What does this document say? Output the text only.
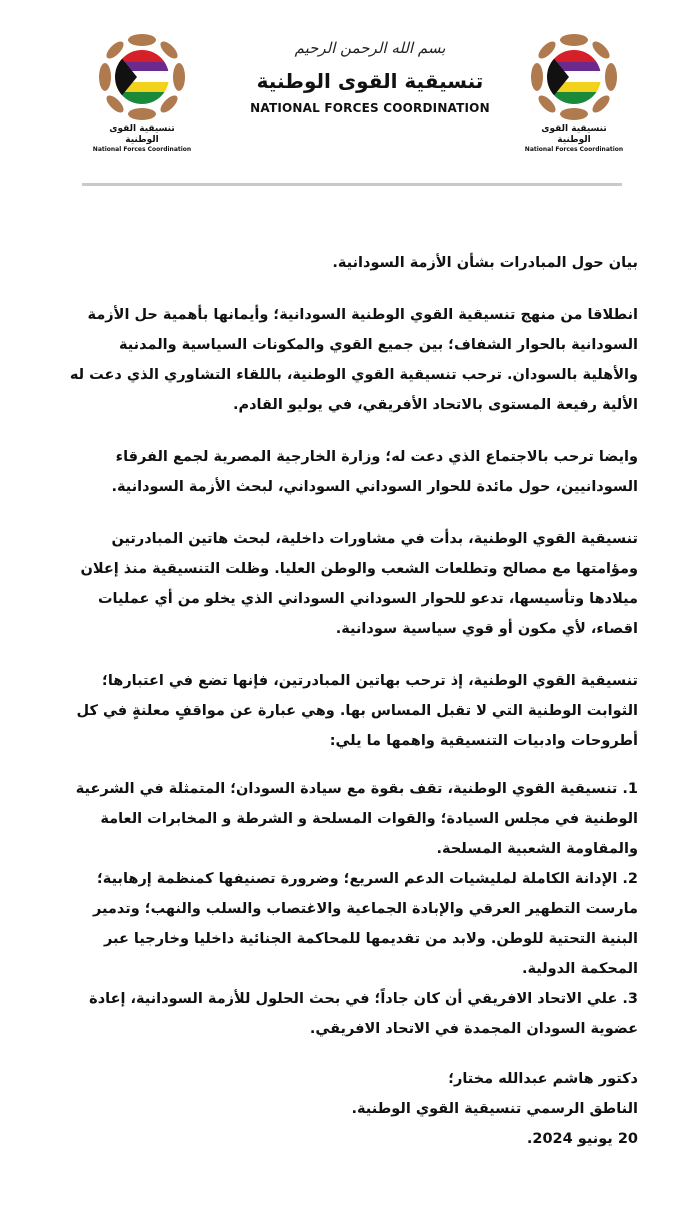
تنسيقية القوى الوطنية
National Forces Coordination
تنسيقية القوى الوطنية
National Forces Coordination
بسم الله الرحمن الرحيم
تنسيقية القوى الوطنية
NATIONAL FORCES COORDINATION

بيان حول المبادرات بشأن الأزمة السودانية.

انطلاقا من منهج تنسيقية القوي الوطنية السودانية؛ وأيمانها بأهمية حل الأزمة السودانية بالحوار الشفاف؛ بين جميع القوي والمكونات السياسية والمدنية والأهلية بالسودان. ترحب تنسيقية القوي الوطنية، باللقاء التشاوري الذي دعت له الألية رفيعة المستوى بالاتحاد الأفريقي، في يوليو القادم.

وايضا ترحب بالاجتماع الذي دعت له؛ وزارة الخارجية المصرية لجمع الفرقاء السودانيين، حول مائدة للحوار السوداني السوداني، لبحث الأزمة السودانية.

تنسيقية القوي الوطنية، بدأت في مشاورات داخلية، لبحث هاتين المبادرتين ومؤامتها مع مصالح وتطلعات الشعب والوطن العليا. وظلت التنسيقية منذ إعلان ميلادها وتأسيسها، تدعو للحوار السوداني السوداني الذي يخلو من أي عمليات اقصاء، لأي مكون أو قوي سياسية سودانية.

تنسيقية القوي الوطنية، إذ ترحب بهاتين المبادرتين، فإنها تضع في اعتبارها؛ الثوابت الوطنية التي لا تقبل المساس بها. وهي عبارة عن مواقفٍ معلنةٍ في كل أطروحات وادبيات التنسيقية واهمها ما يلي:

1. تنسيقية القوي الوطنية، تقف بقوة مع سيادة السودان؛ المتمثلة في الشرعية الوطنية في مجلس السيادة؛ والقوات المسلحة و الشرطة و المخابرات العامة والمقاومة الشعبية المسلحة.

2. الإدانة الكاملة لمليشيات الدعم السريع؛ وضرورة تصنيفها كمنظمة إرهابية؛مارست التطهير العرقي والإبادة الجماعية والاغتصاب والسلب والنهب؛ وتدمير البنية التحتية للوطن. ولابد من تقديمها للمحاكمة الجنائية داخليا وخارجيا عبر المحكمة الدولية.

3. علي الاتحاد الافريقي أن كان جاداً؛ في بحث الحلول للأزمة السودانية، إعادة عضوية السودان المجمدة في الاتحاد الافريقي.

دكتور هاشم عبدالله مختار؛

الناطق الرسمي تنسيقية القوي الوطنية.

20 يونيو 2024.
